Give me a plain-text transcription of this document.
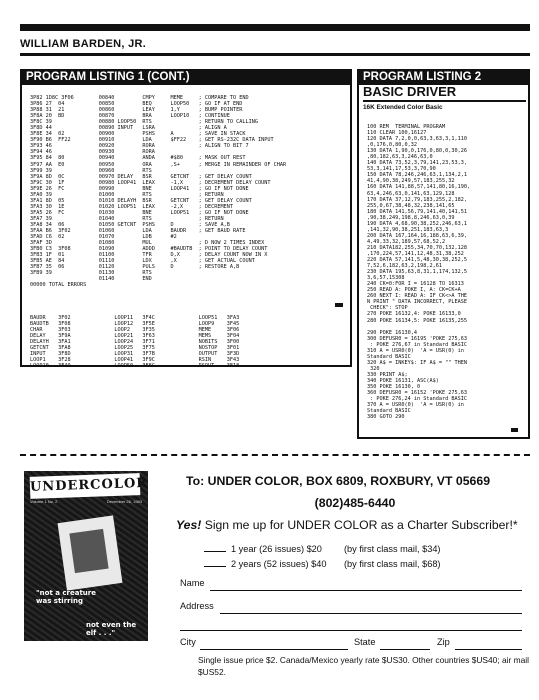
WILLIAM BARDEN, JR.
PROGRAM LISTING 1 (CONT.)
3P82 1D8C 3F06        00840         CMPY     MEME     ; COMPARE TO END
3P86 27  04           00850         BEQ      LOOP50   ; GO IF AT END
3P88 31  21           00860         LEAY     1,Y      ; BUMP POINTER
3F8A 20  BD           00870         BRA      LOOP10   ; CONTINUE
3F8C 39               00880 LOOP50  RTS               ; RETURN TO CALLING
3F8D 44               00890 INPUT   LSRA              ; ALIGN A
3F8E 34  02           00900         PSHS     A        ; SAVE IN STACK
3F90 B6  FF22         00910         LDA      $FF22    ; GET RS-232C DATA INPUT
3F93 46               00920         RORA              ; ALIGN TO BIT 7
3F94 46               00930         RORA
3F95 84  80           00940         ANDA     #$80     ; MASK OUT REST
3F97 AA  E0           00950         ORA      ,S+      ; MERGE IN REMAINDER OF CHAR
3F99 39               00960         RTS
3F9A 8D  0C           00970 DELAY   BSR      GETCNT   ; GET DELAY COUNT
3F9C 30  1F           00980 LOOP41  LEAX     -1,X     ; DECREMENT DELAY COUNT
3F9E 26  FC           00990         BNE      LOOP41   ; GO IF NOT DONE
3FA0 39               01000         RTS               ; RETURN
3FA1 8D  05           01010 DELAYH  BSR      GETCNT   ; GET DELAY COUNT
3FA3 30  1E           01020 LOOP51  LEAX     -2,X     ; DECREMENT
3FA5 26  FC           01030         BNE      LOOP51   ; GO IF NOT DONE
3FA7 39               01040         RTS               ; RETURN
3FA8 34  06           01050 GETCNT  PSHS     D        ; SAVE A,B
3FAA B6  3F02         01060         LDA      BAUDR    ; GET BAUD RATE
3FAD C6  02           01070         LDB      #2
3FAF 3D               01080         MUL               ; D NOW 2 TIMES INDEX
3FB0 C3  3F08         01090         ADDD     #BAUDTB  ; POINT TO DELAY COUNT
3FB3 1F  01           01100         TFR      D,X      ; DELAY COUNT NOW IN X
3FB5 AE  84           01110         LDX      ,X       ; GET ACTUAL COUNT
3FB7 35  06           01120         PULS     D        ; RESTORE A,B
3FB9 39               01130         RTS
01140         END
00000 TOTAL ERRORS
BAUDR    3F02              LOOP11   3F4C              LOOP51   3FA3
BAUDTB   3F08              LOOP12   3F5E              LOOP9    3F45
CHAR     3F03              LOOP2    3F35              MEME     3F06
DELAY    3F9A              LOOP21   3F63              MEMS     3F04
DELAYH   3FA1              LOOP24   3F71              NOBITS   3F00
GETCNT   3FA8              LOOP25   3F75              NOSTOP   3F01
INPUT    3F8D              LOOP31   3F7B              OUTPUT   3F3D
LOOP1    3F28              LOOP41   3F9C              RSIN     3F43
LOOP10   3F49              LOOP50   3F8C              RSOUT    3F18
PROGRAM LISTING 2
BASIC DRIVER
16K Extended Color Basic
100 REM  TERMINAL PROGRAM
110 CLEAR 100,16127
120 DATA 7,2,0,0,63,3,63,3,1,110
,0,176,0,80,0,32
130 DATA 1,90,0,176,0,80,0,30,26
,80,182,63,3,246,63,0
140 DATA 73,52,3,79,141,23,53,3,
53,3,141,17,53,3,70,90
150 DATA 78,246,246,63,1,134,2,1
41,4,90,38,249,57,183,255,32
160 DATA 141,88,57,141,80,16,190,
63,4,246,63,0,141,63,129,128
170 DATA 37,12,79,183,255,2,182,
255,0,67,38,48,32,238,141,65
180 DATA 141,56,79,141,40,141,51
,90,38,249,198,8,246,63,0,39
190 DATA 4,68,90,38,252,246,63,1
,141,32,90,38,251,183,63,3
200 DATA 167,164,16,188,63,6,39,
4,49,33,32,189,57,68,52,2
210 DATA182,255,34,70,70,132,128
,170,224,57,141,12,48,31,38,252
220 DATA 57,141,5,48,30,38,252,5
7,52,6,182,63,2,198,2,61
230 DATA 195,63,8,31,1,174,132,5
3,6,57,15308
240 CK=0:FOR I = 16128 TO 16313
250 READ A: POKE I, A: CK=CK+A
260 NEXT I: READ A: IF CK<>A THE
N PRINT " DATA INCORRECT, PLEASE
CHECK": STOP
270 POKE 16132,4: POKE 16133,0
280 POKE 16134,5: POKE 16135,255

290 POKE 16130,4
300 DEFUSR0 = 16195 'POKE 275,63
: POKE 276,67 in Standard BASIC
310 A = USR0(0)  'A = USR(0) in
Standard BASIC
320 A$ = INKEY$: IF A$ = "" THEN
320
330 PRINT A$;
340 POKE 16131, ASC(A$)
350 POKE 16130, 0
360 DEFUSR0 = 16152 'POKE 275,63
: POKE 276,24 in Standard BASIC
370 A = USR0(0)  'A = USR(0) in
Standard BASIC
380 GOTO 290
UNDERCOLOR
Volume 1 No. 2	December 26, 1983
"not a creature was stirring
not even the elf . . ."
To: UNDER COLOR, BOX 6809, ROXBURY, VT 05669
(802)485-6440
Yes! Sign me up for UNDER COLOR as a Charter Subscriber!*
1 year (26 issues) $20 (by first class mail, $34)
2 years (52 issues) $40 (by first class mail, $68)
Name
Address
City	State	Zip
Single issue price $2. Canada/Mexico yearly rate $US30. Other countries $US40; air mail $US52.
